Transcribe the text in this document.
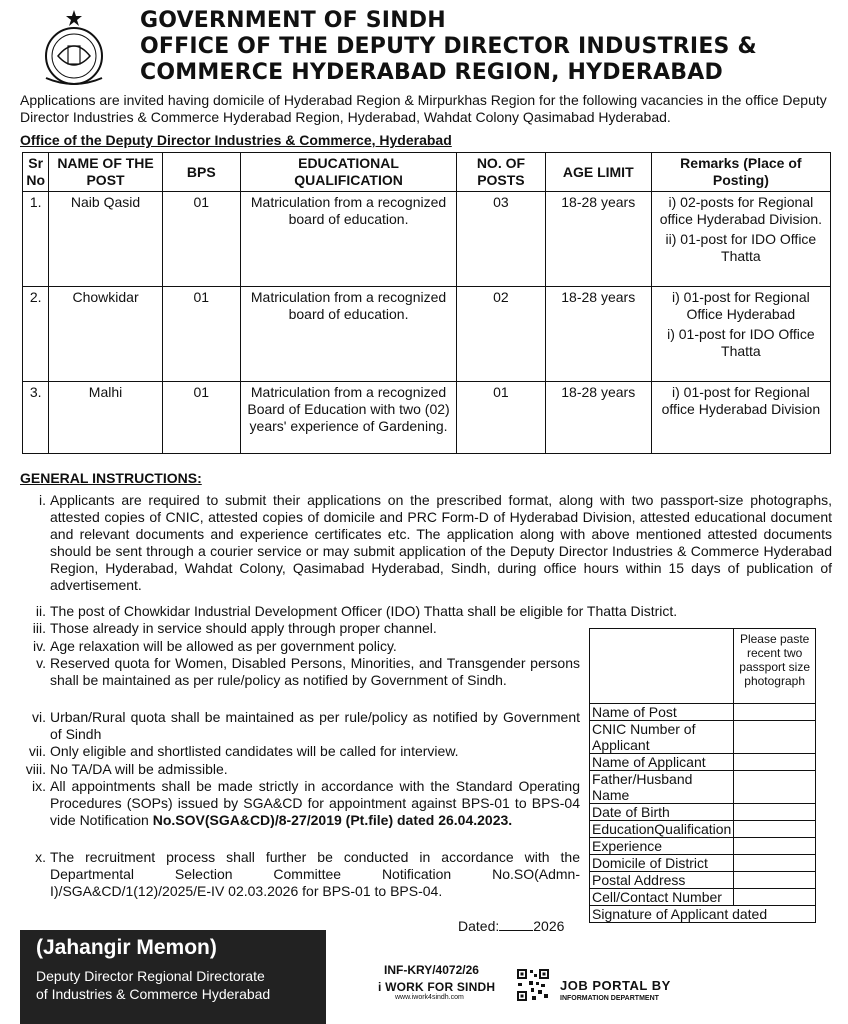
GOVERNMENT OF SINDH
OFFICE OF THE DEPUTY DIRECTOR INDUSTRIES &
COMMERCE HYDERABAD REGION, HYDERABAD
Applications are invited having domicile of Hyderabad Region & Mirpurkhas Region for the following vacancies in the office Deputy Director Industries & Commerce Hyderabad Region, Hyderabad, Wahdat Colony Qasimabad Hyderabad.
Office of the Deputy Director Industries & Commerce, Hyderabad
Sr No	NAME OF THE POST	BPS	EDUCATIONAL QUALIFICATION	NO. OF POSTS	AGE LIMIT	Remarks (Place of Posting)
1.	Naib Qasid	01	Matriculation from a recognized board of education.	03	18-28 years	i) 02-posts for Regional office Hyderabad Division.

ii) 01-post for IDO Office Thatta

2.	Chowkidar	01	Matriculation from a recognized board of education.	02	18-28 years	i) 01-post for Regional Office Hyderabad

i) 01-post for IDO Office Thatta

3.	Malhi	01	Matriculation from a recognized Board of Education with two (02) years' experience of Gardening.	01	18-28 years	i) 01-post for Regional office Hyderabad Division

GENERAL INSTRUCTIONS:
i. Applicants are required to submit their applications on the prescribed format, along with two passport-size photographs, attested copies of CNIC, attested copies of domicile and PRC Form-D of Hyderabad Division, attested educational document and relevant documents and experience certificates etc. The application along with above mentioned attested documents should be sent through a courier service or may submit application of the Deputy Director Industries & Commerce Hyderabad Region, Hyderabad, Wahdat Colony, Qasimabad Hyderabad, Sindh, during office hours within 15 days of publication of advertisement.
ii. The post of Chowkidar Industrial Development Officer (IDO) Thatta shall be eligible for Thatta District.
iii. Those already in service should apply through proper channel.
iv. Age relaxation will be allowed as per government policy.
v. Reserved quota for Women, Disabled Persons, Minorities, and Transgender persons shall be maintained as per rule/policy as notified by Government of Sindh.
vi. Urban/Rural quota shall be maintained as per rule/policy as notified by Government of Sindh
vii. Only eligible and shortlisted candidates will be called for interview.
viii. No TA/DA will be admissible.
ix. All appointments shall be made strictly in accordance with the Standard Operating Procedures (SOPs) issued by SGA&CD for appointment against BPS-01 to BPS-04 vide Notification No.SOV(SGA&CD)/8-27/2019 (Pt.file) dated 26.04.2023.
x. The recruitment process shall further be conducted in accordance with the Departmental Selection Committee Notification No.SO(Admn-I)/SGA&CD/1(12)/2025/E-IV 02.03.2026 for BPS-01 to BPS-04.
	Please paste recent two passport size photograph
Name of Post	
CNIC Number of Applicant	
Name of Applicant	
Father/Husband Name	
Date of Birth	
EducationQualification	
Experience	
Domicile of District	
Postal Address	
Cell/Contact Number	
Signature of Applicant dated	
Dated: 2026
(Jahangir Memon)
Deputy Director Regional Directorate
of Industries & Commerce Hyderabad
INF-KRY/4072/26
i WORK FOR SINDH
www.iwork4sindh.com
JOB PORTAL BY
INFORMATION DEPARTMENT
